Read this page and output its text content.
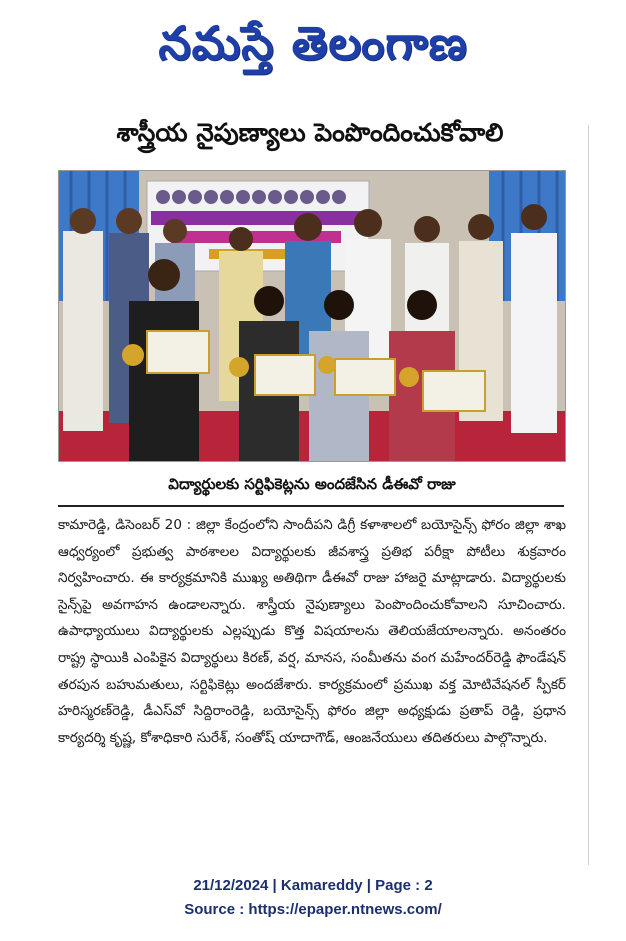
నమస్తే తెలంగాణ
శాస్త్రీయ నైపుణ్యాలు పెంపొందించుకోవాలి
విద్యార్థులకు సర్టిఫికెట్లను అందజేసిన డీఈవో రాజు

కామారెడ్డి, డిసెంబర్ 20 : జిల్లా కేంద్రంలోని సాందీపని డిగ్రీ కళాశాలలో బయోసైన్స్ ఫోరం జిల్లా శాఖ ఆధ్వర్యంలో ప్రభుత్వ పాఠశాలల విద్యార్థులకు జీవశాస్త్ర ప్రతిభ పరీక్షా పోటీలు శుక్రవారం నిర్వహించారు. ఈ కార్యక్రమానికి ముఖ్య అతిథిగా డీఈవో రాజు హాజరై మాట్లాడారు. విద్యార్థులకు సైన్స్‌పై అవగాహన ఉండాలన్నారు. శాస్త్రీయ నైపుణ్యాలు పెంపొందించుకోవాలని సూచించారు. ఉపాధ్యాయులు విద్యార్థులకు ఎల్లప్పుడు కొత్త విషయాలను తెలియజేయాలన్నారు. అనంతరం రాష్ట్ర స్థాయికి ఎంపికైన విద్యార్థులు కిరణ్, వర్ష, మానస, సంమీతను వంగ మహేందర్‌రెడ్డి ఫౌండేషన్ తరపున బహుమతులు, సర్టిఫికెట్లు అందజేశారు. కార్యక్రమంలో ప్రముఖ వక్త మోటివేషనల్ స్పీకర్ హరిస్మరణ్‌రెడ్డి, డీఎస్‌వో సిద్దిరాంరెడ్డి, బయోసైన్స్ ఫోరం జిల్లా అధ్యక్షుడు ప్రతాప్ రెడ్డి, ప్రధాన కార్యదర్శి కృష్ణ, కోశాధికారి సురేశ్, సంతోష్ యాదాగౌడ్, ఆంజనేయులు తదితరులు పాల్గొన్నారు.

21/12/2024 | Kamareddy | Page : 2
Source : https://epaper.ntnews.com/
